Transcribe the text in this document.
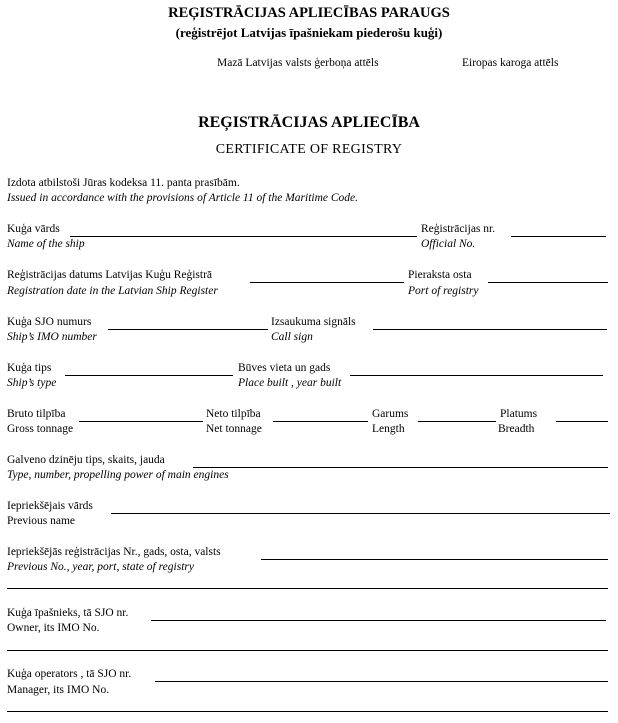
REĢISTRĀCIJAS APLIECĪBAS PARAUGS
(reģistrējot Latvijas īpašniekam piederošu kuģi)
Mazā Latvijas valsts ģerboņa attēls	Eiropas karoga attēls
REĢISTRĀCIJAS APLIECĪBA
CERTIFICATE OF REGISTRY
Izdota atbilstoši Jūras kodeksa 11. panta prasībām.
Issued in accordance with the provisions of Article 11 of the Maritime Code.
Kuģa vārds
Name of the ship
Reģistrācijas nr.
Official No.
Reģistrācijas datums Latvijas Kuģu Reģistrā
Registration date in the Latvian Ship Register
Pieraksta osta
Port of registry
Kuģa SJO numurs
Ship’s IMO number
Izsaukuma signāls
Call sign
Kuģa tips
Ship’s type
Būves vieta un gads
Place built , year built
Bruto tilpība
Gross tonnage
Neto tilpība
Net tonnage
Garums
Length
Platums
Breadth
Galveno dzinēju tips, skaits, jauda
Type, number, propelling power of main engines
Iepriekšējais vārds
Previous name
Iepriekšējās reģistrācijas Nr., gads, osta, valsts
Previous No., year, port, state of registry
Kuģa īpašnieks, tā SJO nr.
Owner, its IMO No.
Kuģa operators , tā SJO nr.
Manager, its IMO No.
